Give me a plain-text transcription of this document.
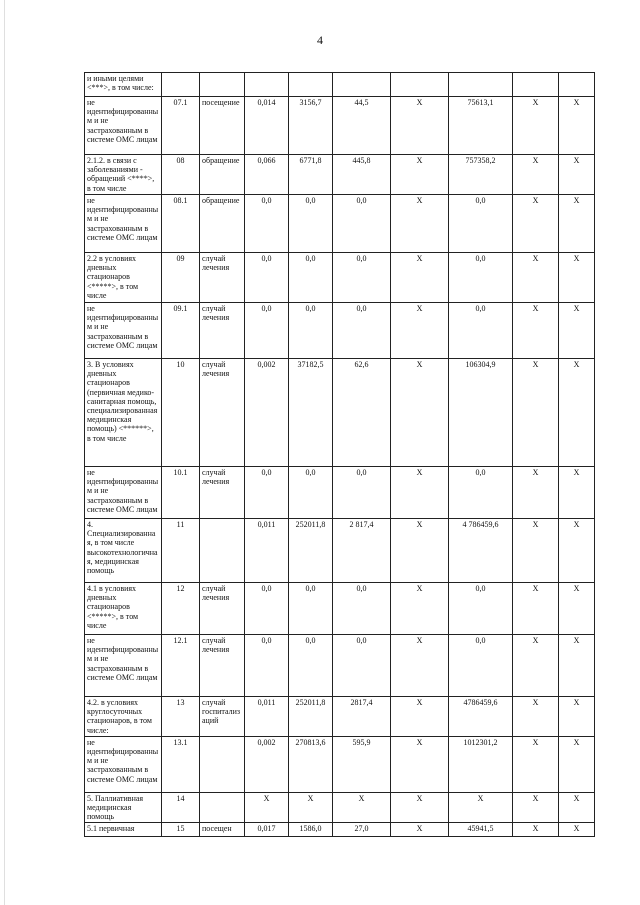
4
и иными целями <***>, в том числе:									
не идентифицированным и не застрахованным в системе ОМС лицам	07.1	посещение	0,014	3156,7	44,5	X	75613,1	X	X
2.1.2. в связи с заболеваниями - обращений <****>, в том числе	08	обращение	0,066	6771,8	445,8	X	757358,2	X	X
не идентифицированным и не застрахованным в системе ОМС лицам	08.1	обращение	0,0	0,0	0,0	X	0,0	X	X
2.2 в условиях дневных стационаров <*****>, в том числе	09	случай лечения	0,0	0,0	0,0	X	0,0	X	X
не идентифицированным и не застрахованным в системе ОМС лицам	09.1	случай лечения	0,0	0,0	0,0	X	0,0	X	X
3. В условиях дневных стационаров (первичная медико-санитарная помощь, специализированная медицинская помощь) <******>, в том числе	10	случай лечения	0,002	37182,5	62,6	X	106304,9	X	X
не идентифицированным и не застрахованным в системе ОМС лицам	10.1	случай лечения	0,0	0,0	0,0	X	0,0	X	X
4. Специализированная, в том числе высокотехнологичная, медицинская помощь	11		0,011	252011,8	2 817,4	X	4 786459,6	X	X
4.1 в условиях дневных стационаров <*****>, в том числе	12	случай лечения	0,0	0,0	0,0	X	0,0	X	X
не идентифицированным и не застрахованным в системе ОМС лицам	12.1	случай лечения	0,0	0,0	0,0	X	0,0	X	X
4.2. в условиях круглосуточных стационаров, в том числе:	13	случай госпитализаций	0,011	252011,8	2817,4	X	4786459,6	X	X
не идентифицированным и не застрахованным в системе ОМС лицам	13.1		0,002	270813,6	595,9	X	1012301,2	X	X
5. Паллиативная медицинская помощь	14		X	X	X	X	X	X	X
5.1 первичная	15	посещен	0,017	1586,0	27,0	X	45941,5	X	X
